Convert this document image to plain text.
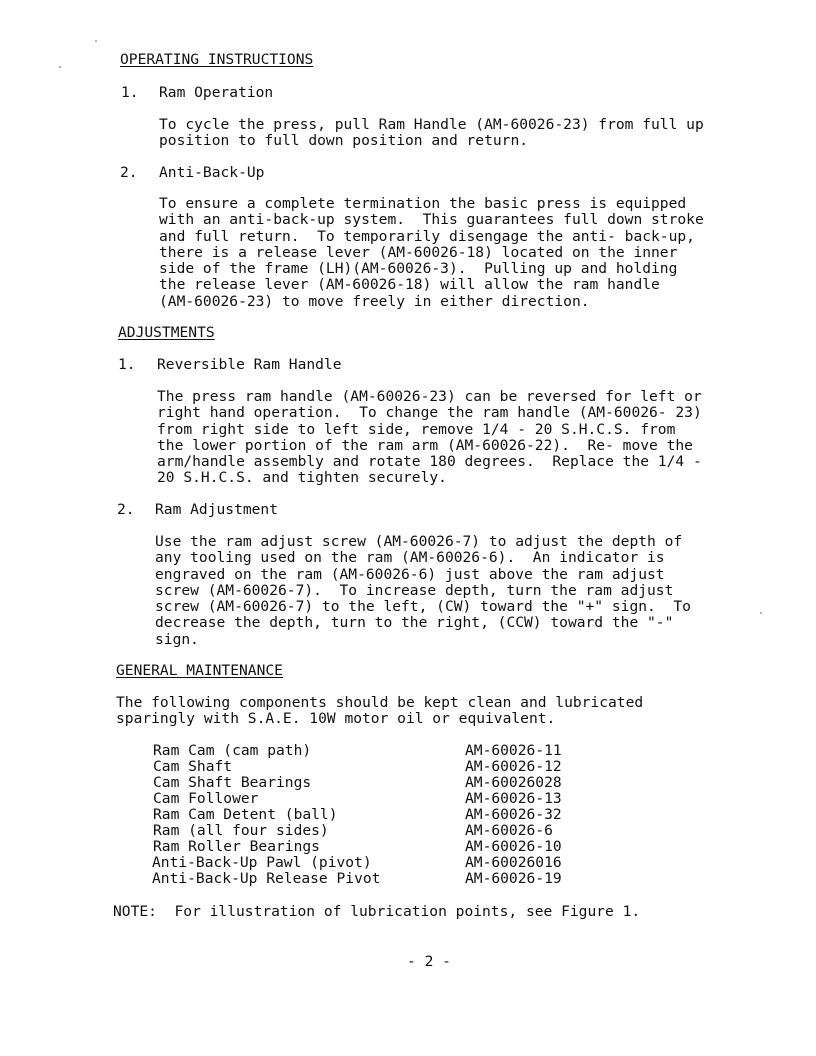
OPERATING INSTRUCTIONS
1. Ram Operation
To cycle the press, pull Ram Handle (AM-60026-23) from full up
position to full down position and return.
2. Anti-Back-Up
To ensure a complete termination the basic press is equipped
with an anti-back-up system.  This guarantees full down stroke
and full return.  To temporarily disengage the anti- back-up,
there is a release lever (AM-60026-18) located on the inner
side of the frame (LH)(AM-60026-3).  Pulling up and holding
the release lever (AM-60026-18) will allow the ram handle
(AM-60026-23) to move freely in either direction.
ADJUSTMENTS
1. Reversible Ram Handle
The press ram handle (AM-60026-23) can be reversed for left or
right hand operation.  To change the ram handle (AM-60026- 23)
from right side to left side, remove 1/4 - 20 S.H.C.S. from
the lower portion of the ram arm (AM-60026-22).  Re- move the
arm/handle assembly and rotate 180 degrees.  Replace the 1/4 -
20 S.H.C.S. and tighten securely.
2. Ram Adjustment
Use the ram adjust screw (AM-60026-7) to adjust the depth of
any tooling used on the ram (AM-60026-6).  An indicator is
engraved on the ram (AM-60026-6) just above the ram adjust
screw (AM-60026-7).  To increase depth, turn the ram adjust
screw (AM-60026-7) to the left, (CW) toward the "+" sign.  To
decrease the depth, turn to the right, (CCW) toward the "-"
sign.
GENERAL MAINTENANCE
The following components should be kept clean and lubricated
sparingly with S.A.E. 10W motor oil or equivalent.
Ram Cam (cam path)	AM-60026-11
Cam Shaft	AM-60026-12
Cam Shaft Bearings	AM-60026028
Cam Follower	AM-60026-13
Ram Cam Detent (ball)	AM-60026-32
Ram (all four sides)	AM-60026-6
Ram Roller Bearings	AM-60026-10
Anti-Back-Up Pawl (pivot)	AM-60026016
Anti-Back-Up Release Pivot	AM-60026-19
NOTE:  For illustration of lubrication points, see Figure 1.
- 2 -
